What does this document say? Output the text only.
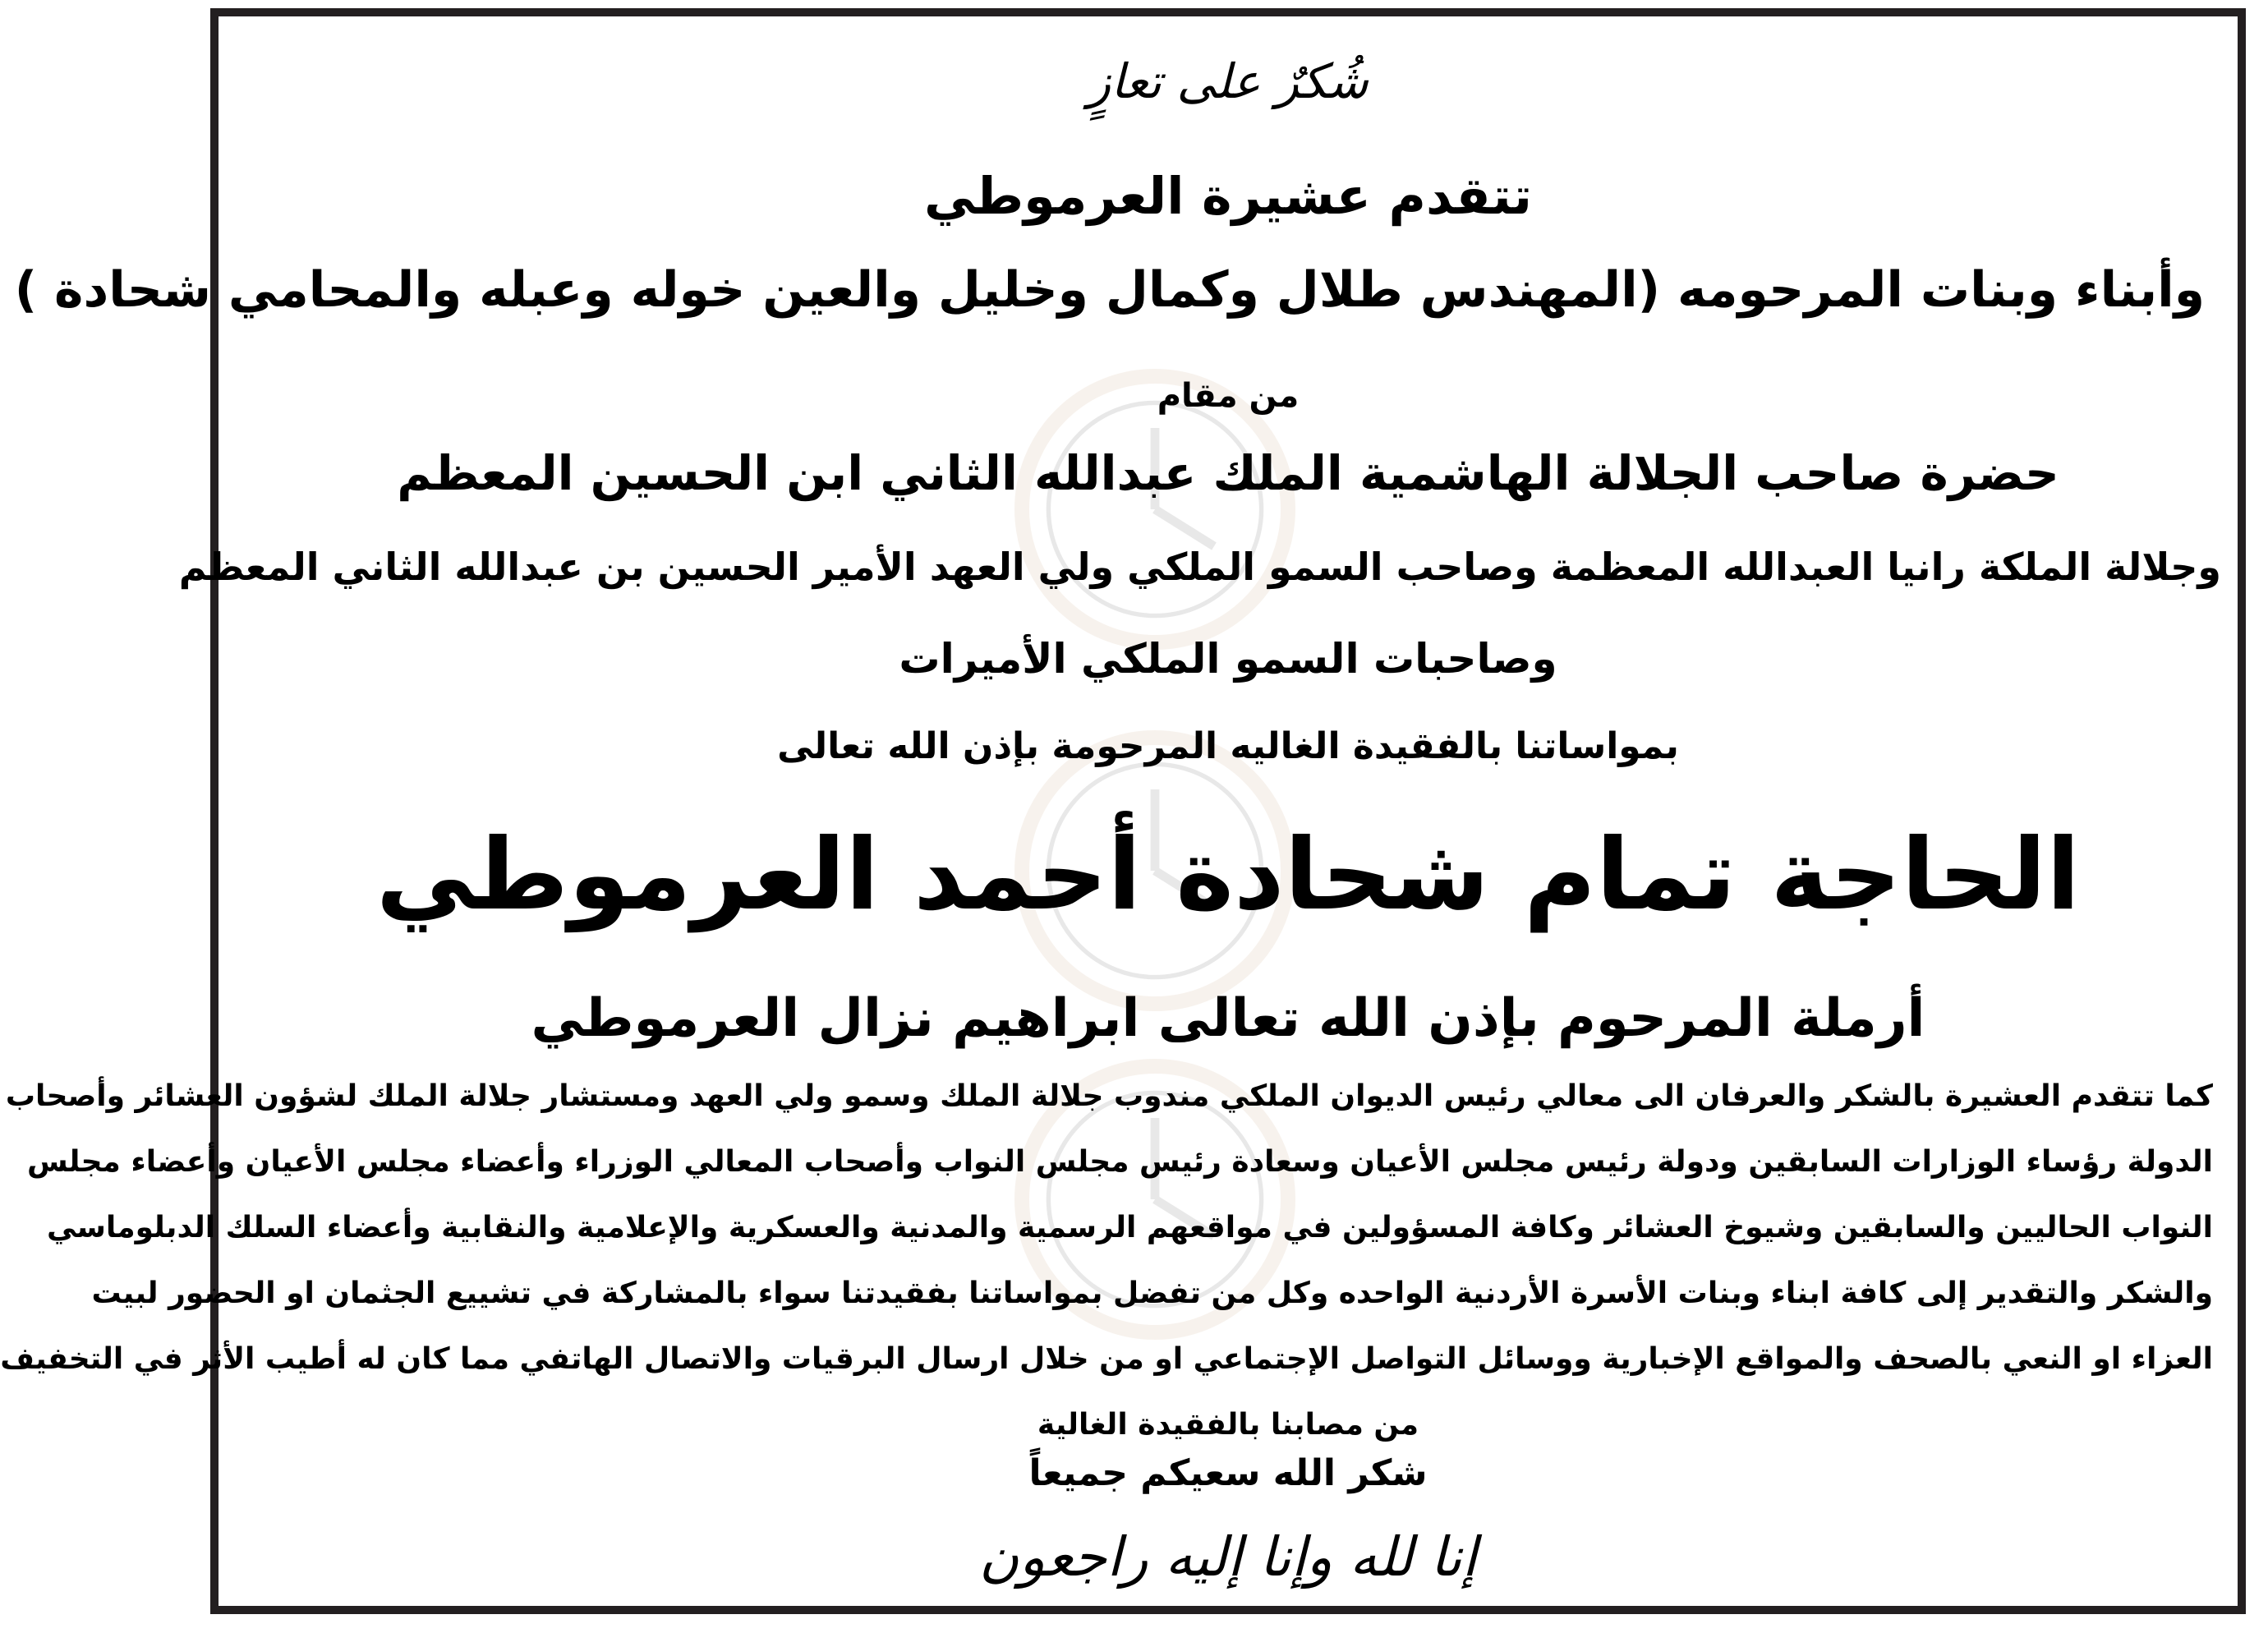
شُكرٌ على تعازٍ
تتقدم عشيرة العرموطي
وأبناء وبنات المرحومه (المهندس طلال وكمال وخليل والعين خوله وعبله والمحامي شحادة )
من مقام
حضرة صاحب الجلالة الهاشمية الملك عبدالله الثاني ابن الحسين المعظم
وجلالة الملكة رانيا العبدالله المعظمة وصاحب السمو الملكي ولي العهد الأمير الحسين بن عبدالله الثاني المعظم
وصاحبات السمو الملكي الأميرات
بمواساتنا بالفقيدة الغاليه المرحومة بإذن الله تعالى
الحاجة تمام شحادة أحمد العرموطي
أرملة المرحوم بإذن الله تعالى ابراهيم نزال العرموطي
كما تتقدم العشيرة بالشكر والعرفان الى معالي رئيس الديوان الملكي مندوب جلالة الملك وسمو ولي العهد ومستشار جلالة الملك لشؤون العشائر وأصحاب
الدولة رؤساء الوزارات السابقين ودولة رئيس مجلس الأعيان وسعادة رئيس مجلس النواب وأصحاب المعالي الوزراء وأعضاء مجلس الأعيان وأعضاء مجلس
النواب الحاليين والسابقين وشيوخ العشائر وكافة المسؤولين في مواقعهم الرسمية والمدنية والعسكرية والإعلامية والنقابية وأعضاء السلك الدبلوماسي
والشكر والتقدير إلى كافة ابناء وبنات الأسرة الأردنية الواحده وكل من تفضل بمواساتنا بفقيدتنا سواء بالمشاركة في تشييع الجثمان او الحضور لبيت
العزاء او النعي بالصحف والمواقع الإخبارية ووسائل التواصل الإجتماعي او من خلال ارسال البرقيات والاتصال الهاتفي مما كان له أطيب الأثر في التخفيف
من مصابنا بالفقيدة الغالية
شكر الله سعيكم جميعاً
إنا لله وإنا إليه راجعون
